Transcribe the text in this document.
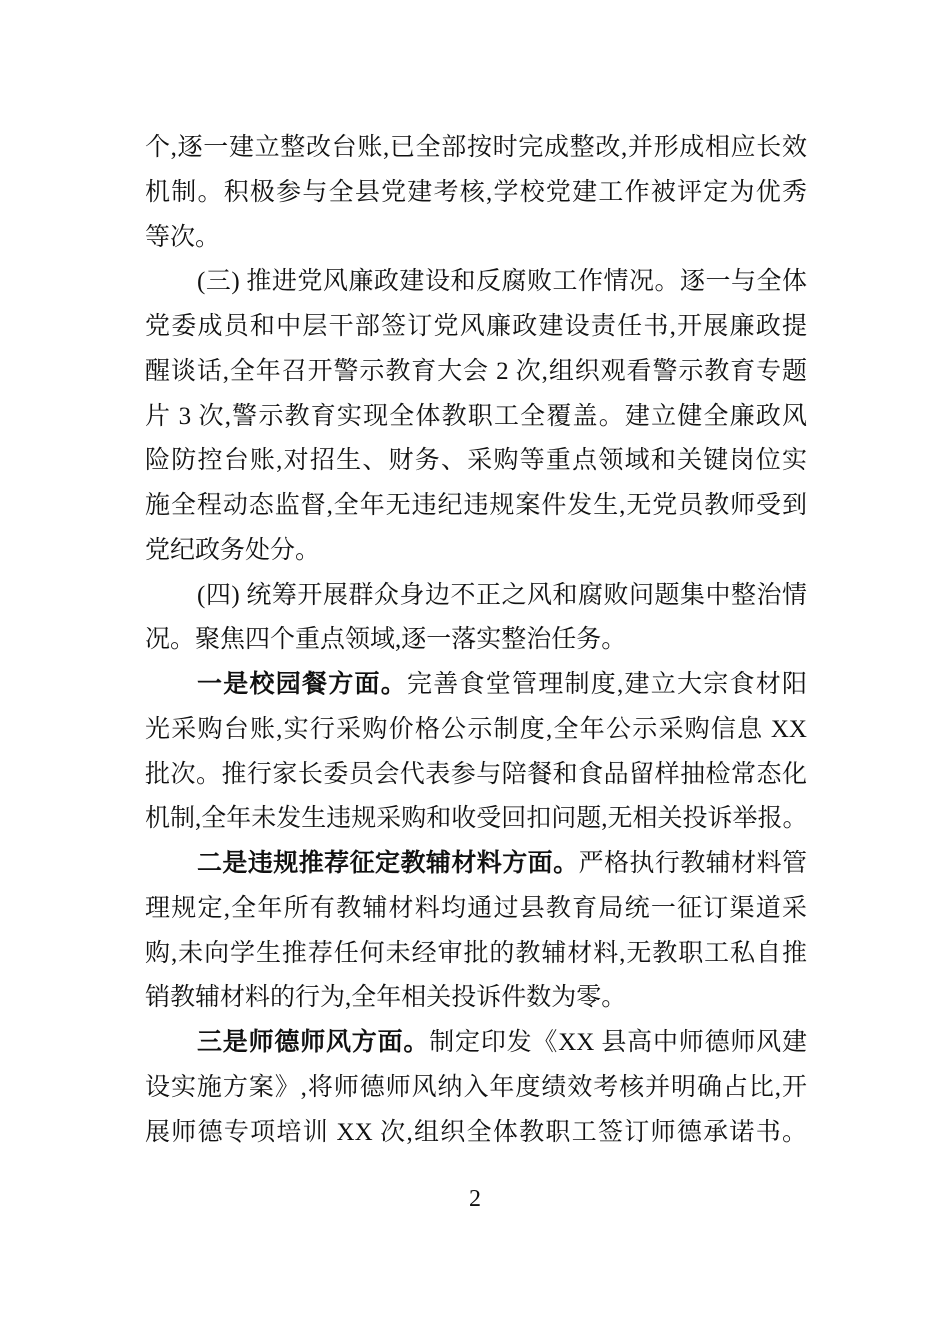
个,逐一建立整改台账,已全部按时完成整改,并形成相应长效
机制。积极参与全县党建考核,学校党建工作被评定为优秀
等次。
(三) 推进党风廉政建设和反腐败工作情况。逐一与全体
党委成员和中层干部签订党风廉政建设责任书,开展廉政提
醒谈话,全年召开警示教育大会 2 次,组织观看警示教育专题
片 3 次,警示教育实现全体教职工全覆盖。建立健全廉政风
险防控台账,对招生、财务、采购等重点领域和关键岗位实
施全程动态监督,全年无违纪违规案件发生,无党员教师受到
党纪政务处分。
(四) 统筹开展群众身边不正之风和腐败问题集中整治情
况。聚焦四个重点领域,逐一落实整治任务。
一是校园餐方面。完善食堂管理制度,建立大宗食材阳
光采购台账,实行采购价格公示制度,全年公示采购信息 XX
批次。推行家长委员会代表参与陪餐和食品留样抽检常态化
机制,全年未发生违规采购和收受回扣问题,无相关投诉举报。
二是违规推荐征定教辅材料方面。严格执行教辅材料管
理规定,全年所有教辅材料均通过县教育局统一征订渠道采
购,未向学生推荐任何未经审批的教辅材料,无教职工私自推
销教辅材料的行为,全年相关投诉件数为零。
三是师德师风方面。制定印发《XX 县高中师德师风建
设实施方案》,将师德师风纳入年度绩效考核并明确占比,开
展师德专项培训 XX 次,组织全体教职工签订师德承诺书。
2
